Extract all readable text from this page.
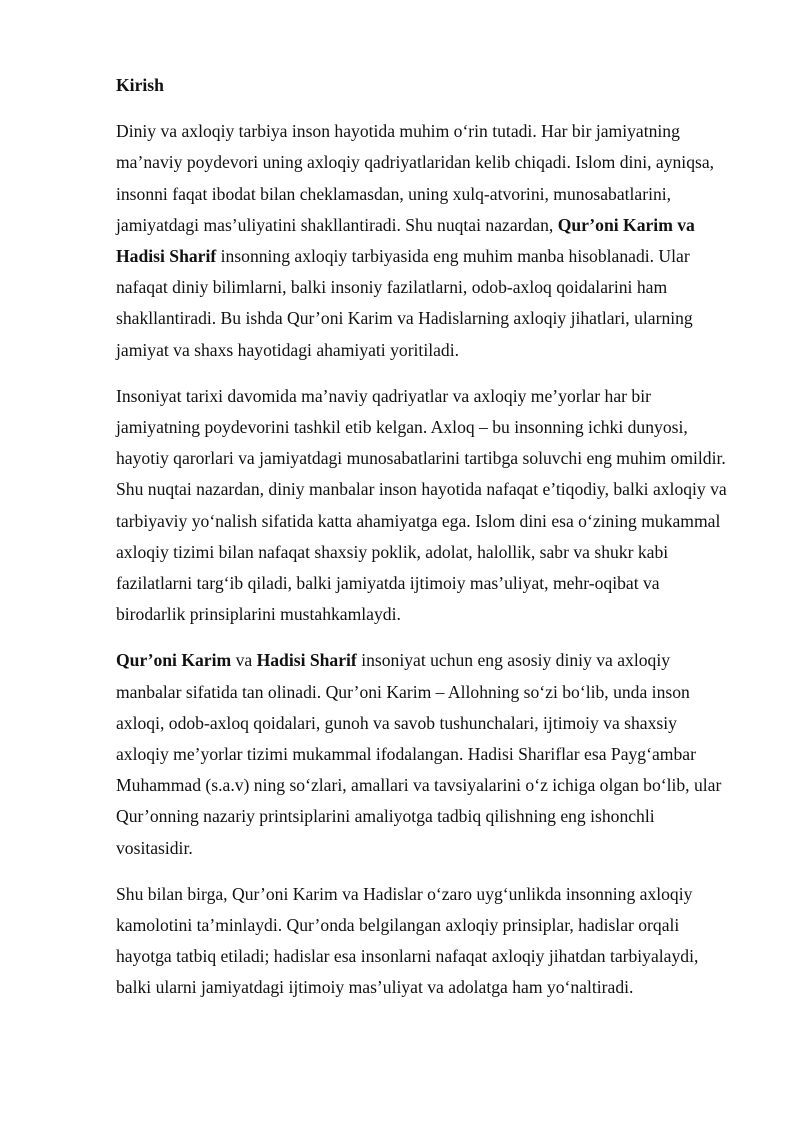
Kirish

Diniy va axloqiy tarbiya inson hayotida muhim o‘rin tutadi. Har bir jamiyatning ma’naviy poydevori uning axloqiy qadriyatlaridan kelib chiqadi. Islom dini, ayniqsa, insonni faqat ibodat bilan cheklamasdan, uning xulq-atvorini, munosabatlarini, jamiyatdagi mas’uliyatini shakllantiradi. Shu nuqtai nazardan, Qur’oni Karim va Hadisi Sharif insonning axloqiy tarbiyasida eng muhim manba hisoblanadi. Ular nafaqat diniy bilimlarni, balki insoniy fazilatlarni, odob-axloq qoidalarini ham shakllantiradi. Bu ishda Qur’oni Karim va Hadislarning axloqiy jihatlari, ularning jamiyat va shaxs hayotidagi ahamiyati yoritiladi.

Insoniyat tarixi davomida ma’naviy qadriyatlar va axloqiy me’yorlar har bir jamiyatning poydevorini tashkil etib kelgan. Axloq – bu insonning ichki dunyosi, hayotiy qarorlari va jamiyatdagi munosabatlarini tartibga soluvchi eng muhim omildir. Shu nuqtai nazardan, diniy manbalar inson hayotida nafaqat e’tiqodiy, balki axloqiy va tarbiyaviy yo‘nalish sifatida katta ahamiyatga ega. Islom dini esa o‘zining mukammal axloqiy tizimi bilan nafaqat shaxsiy poklik, adolat, halollik, sabr va shukr kabi fazilatlarni targ‘ib qiladi, balki jamiyatda ijtimoiy mas’uliyat, mehr-oqibat va birodarlik prinsiplarini mustahkamlaydi.

Qur’oni Karim va Hadisi Sharif insoniyat uchun eng asosiy diniy va axloqiy manbalar sifatida tan olinadi. Qur’oni Karim – Allohning so‘zi bo‘lib, unda inson axloqi, odob-axloq qoidalari, gunoh va savob tushunchalari, ijtimoiy va shaxsiy axloqiy me’yorlar tizimi mukammal ifodalangan. Hadisi Shariflar esa Payg‘ambar Muhammad (s.a.v) ning so‘zlari, amallari va tavsiyalarini o‘z ichiga olgan bo‘lib, ular Qur’onning nazariy printsiplarini amaliyotga tadbiq qilishning eng ishonchli vositasidir.

Shu bilan birga, Qur’oni Karim va Hadislar o‘zaro uyg‘unlikda insonning axloqiy kamolotini ta’minlaydi. Qur’onda belgilangan axloqiy prinsiplar, hadislar orqali hayotga tatbiq etiladi; hadislar esa insonlarni nafaqat axloqiy jihatdan tarbiyalaydi, balki ularni jamiyatdagi ijtimoiy mas’uliyat va adolatga ham yo‘naltiradi.
